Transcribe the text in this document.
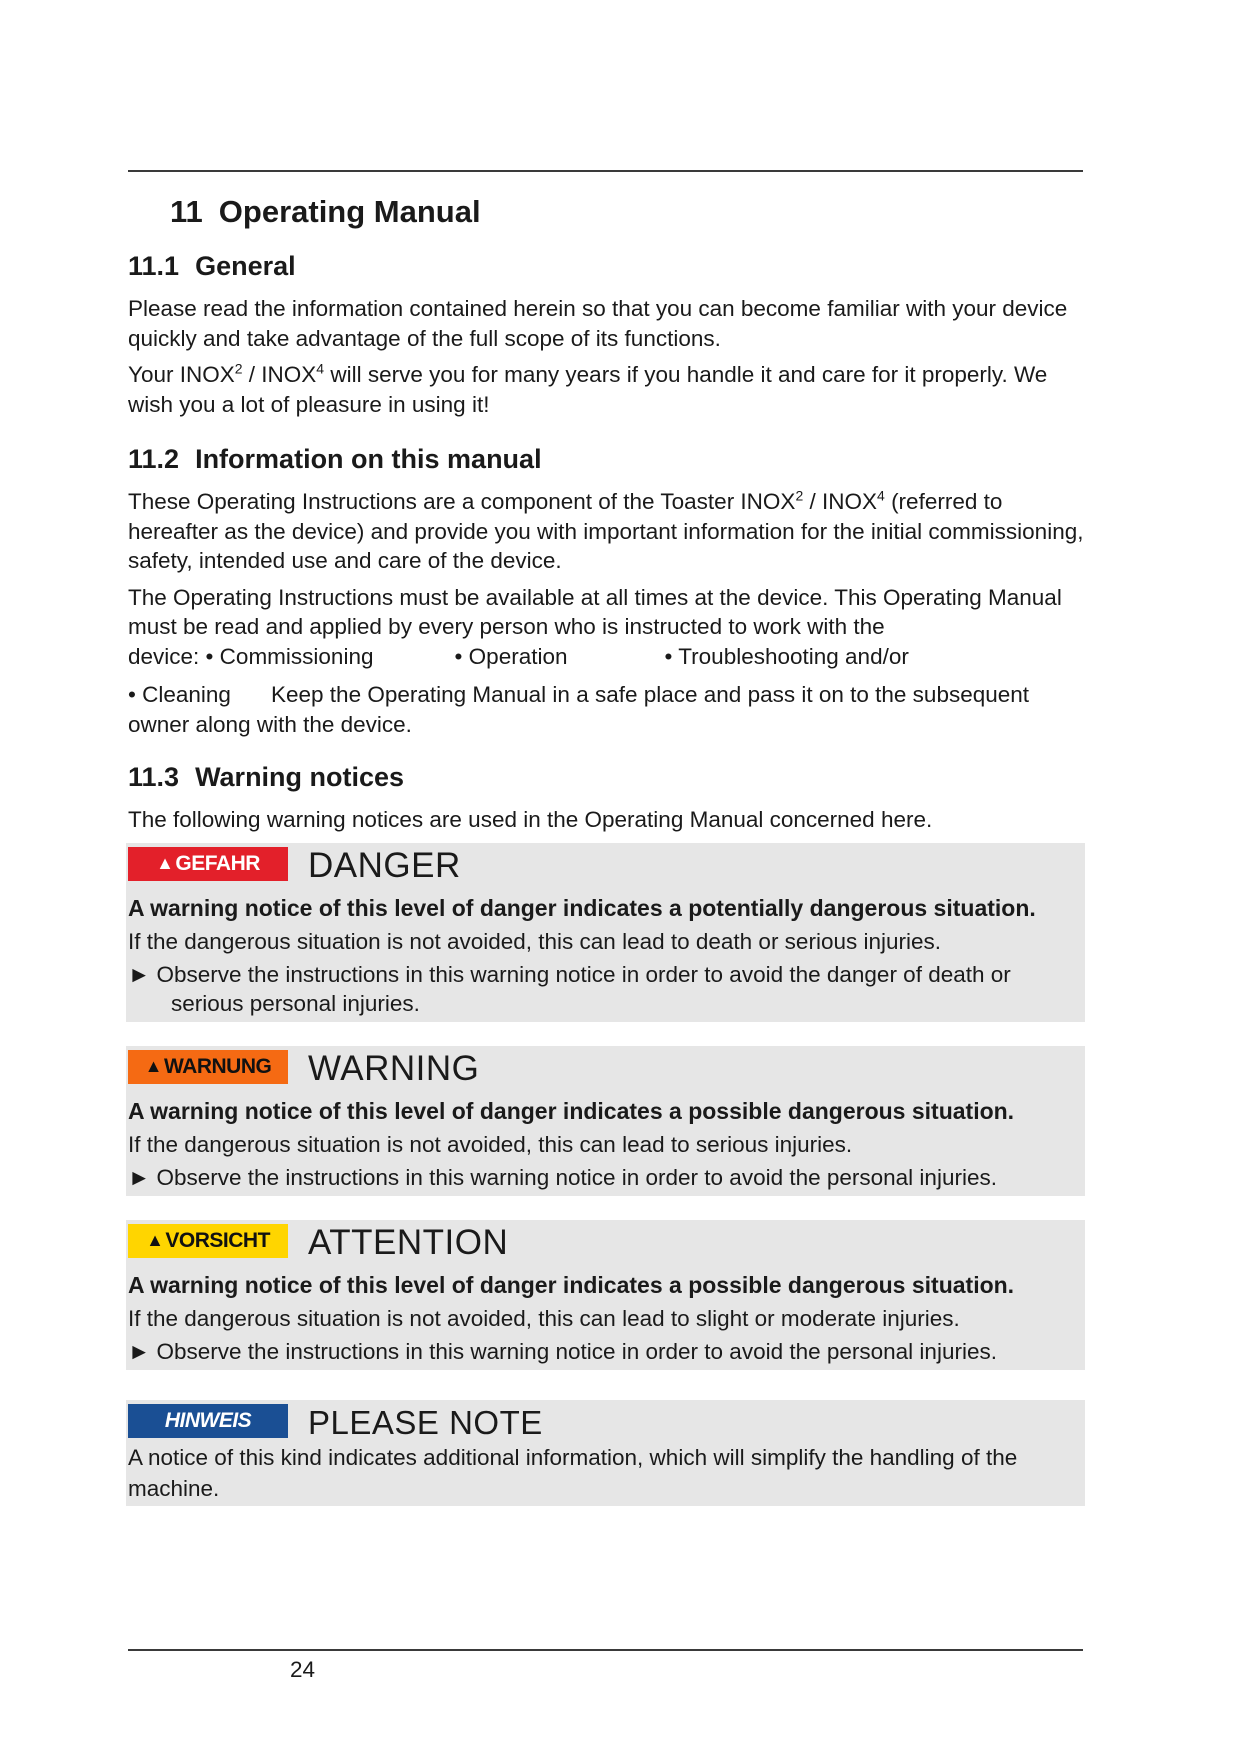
11 Operating Manual
11.1 General

Please read the information contained herein so that you can become familiar with your device quickly and take advantage of the full scope of its functions.

Your INOX$^2$ / INOX$^4$ will serve you for many years if you handle it and care for it properly. We wish you a lot of pleasure in using it!

11.2 Information on this manual

These Operating Instructions are a component of the Toaster INOX$^2$ / INOX$^4$ (referred to hereafter as the device) and provide you with important information for the initial commissioning, safety, intended use and care of the device.

The Operating Instructions must be available at all times at the device. This Operating Manual must be read and applied by every person who is instructed to work with the

device: • Commissioning	• Operation	• Troubleshooting and/or

• Cleaning Keep the Operating Manual in a safe place and pass it on to the subsequent owner along with the device.

11.3 Warning notices

The following warning notices are used in the Operating Manual concerned here.

▲ GEFAHR DANGER

A warning notice of this level of danger indicates a potentially dangerous situation.

If the dangerous situation is not avoided, this can lead to death or serious injuries.

► Observe the instructions in this warning notice in order to avoid the danger of death or

serious personal injuries.

▲ WARNUNG WARNING

A warning notice of this level of danger indicates a possible dangerous situation.

If the dangerous situation is not avoided, this can lead to serious injuries.

► Observe the instructions in this warning notice in order to avoid the personal injuries.

▲ VORSICHT ATTENTION

A warning notice of this level of danger indicates a possible dangerous situation.

If the dangerous situation is not avoided, this can lead to slight or moderate injuries.

► Observe the instructions in this warning notice in order to avoid the personal injuries.

HINWEIS	PLEASE NOTE

A notice of this kind indicates additional information, which will simplify the handling of the machine.

24
